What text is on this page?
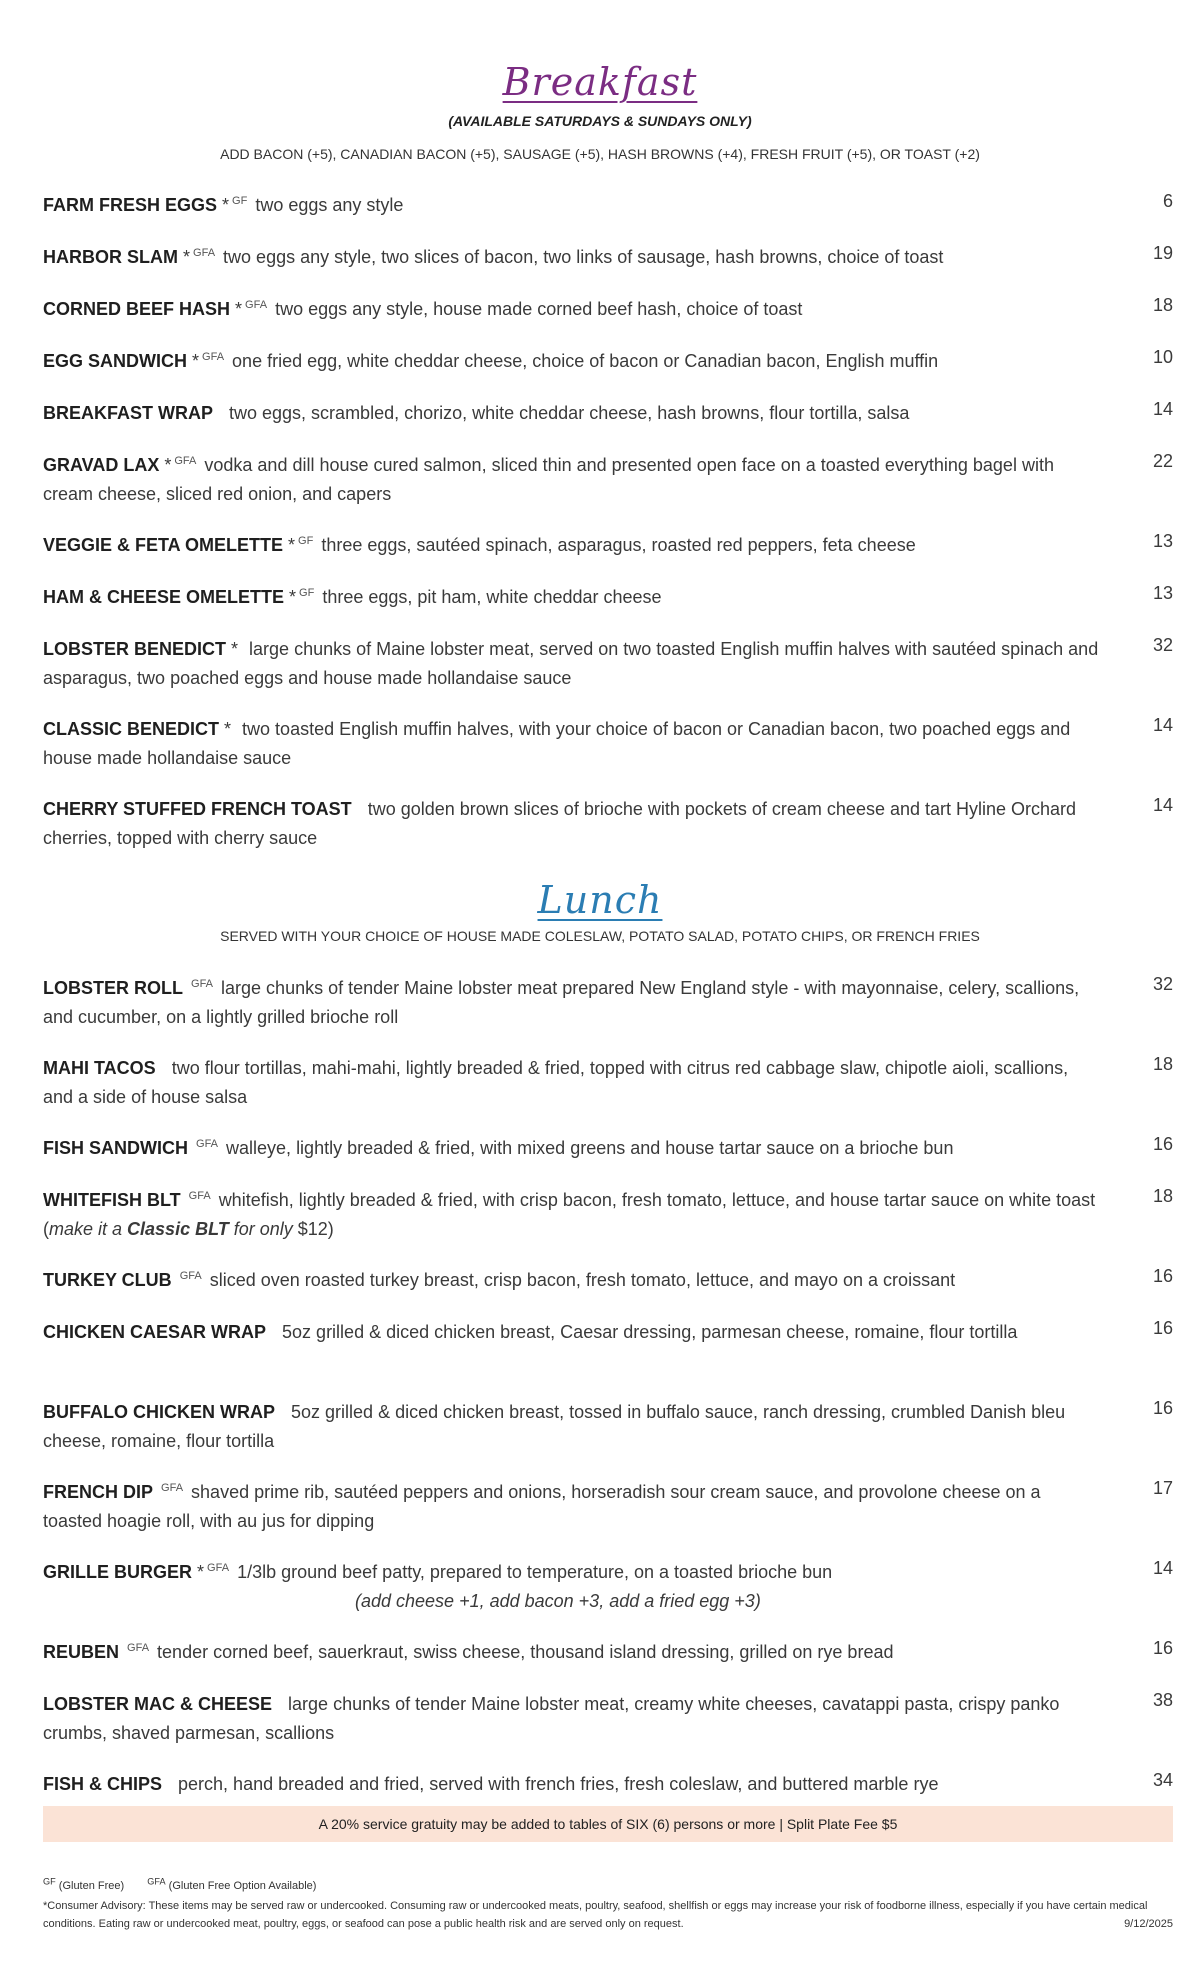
Breakfast
(AVAILABLE SATURDAYS & SUNDAYS ONLY)
ADD BACON (+5), CANADIAN BACON (+5), SAUSAGE (+5), HASH BROWNS (+4), FRESH FRUIT (+5), OR TOAST (+2)
FARM FRESH EGGS * $^{GF}$ two eggs any style	6
HARBOR SLAM * $^{GFA}$ two eggs any style, two slices of bacon, two links of sausage, hash browns, choice of toast	19
CORNED BEEF HASH * $^{GFA}$ two eggs any style, house made corned beef hash, choice of toast	18
EGG SANDWICH * $^{GFA}$ one fried egg, white cheddar cheese, choice of bacon or Canadian bacon, English muffin	10
BREAKFAST WRAP two eggs, scrambled, chorizo, white cheddar cheese, hash browns, flour tortilla, salsa	14
GRAVAD LAX * $^{GFA}$ vodka and dill house cured salmon, sliced thin and presented open face on a toasted everything bagel with cream cheese, sliced red onion, and capers
22
VEGGIE & FETA OMELETTE * $^{GF}$ three eggs, sautéed spinach, asparagus, roasted red peppers, feta cheese	13
HAM & CHEESE OMELETTE * $^{GF}$ three eggs, pit ham, white cheddar cheese	13
LOBSTER BENEDICT * large chunks of Maine lobster meat, served on two toasted English muffin halves with sautéed spinach and asparagus, two poached eggs and house made hollandaise sauce
32
CLASSIC BENEDICT * two toasted English muffin halves, with your choice of bacon or Canadian bacon, two poached eggs and house made hollandaise sauce
14
CHERRY STUFFED FRENCH TOAST two golden brown slices of brioche with pockets of cream cheese and tart Hyline Orchard cherries, topped with cherry sauce
14
Lunch
SERVED WITH YOUR CHOICE OF HOUSE MADE COLESLAW, POTATO SALAD, POTATO CHIPS, OR FRENCH FRIES
LOBSTER ROLL $^{GFA}$ large chunks of tender Maine lobster meat prepared New England style - with mayonnaise, celery, scallions, and cucumber, on a lightly grilled brioche roll
32
MAHI TACOS two flour tortillas, mahi-mahi, lightly breaded & fried, topped with citrus red cabbage slaw, chipotle aioli, scallions, and a side of house salsa
18
FISH SANDWICH $^{GFA}$ walleye, lightly breaded & fried, with mixed greens and house tartar sauce on a brioche bun	16
WHITEFISH BLT $^{GFA}$ whitefish, lightly breaded & fried, with crisp bacon, fresh tomato, lettuce, and house tartar sauce on white toast (make it a Classic BLT for only $12)
18
TURKEY CLUB $^{GFA}$ sliced oven roasted turkey breast, crisp bacon, fresh tomato, lettuce, and mayo on a croissant	16
CHICKEN CAESAR WRAP 5oz grilled & diced chicken breast, Caesar dressing, parmesan cheese, romaine, flour tortilla	16
BUFFALO CHICKEN WRAP 5oz grilled & diced chicken breast, tossed in buffalo sauce, ranch dressing, crumbled Danish bleu cheese, romaine, flour tortilla
16
FRENCH DIP $^{GFA}$ shaved prime rib, sautéed peppers and onions, horseradish sour cream sauce, and provolone cheese on a toasted hoagie roll, with au jus for dipping
17
GRILLE BURGER * $^{GFA}$ 1/3lb ground beef patty, prepared to temperature, on a toasted brioche bun
(add cheese +1, add bacon +3, add a fried egg +3)
14
REUBEN $^{GFA}$ tender corned beef, sauerkraut, swiss cheese, thousand island dressing, grilled on rye bread	16
LOBSTER MAC & CHEESE large chunks of tender Maine lobster meat, creamy white cheeses, cavatappi pasta, crispy panko crumbs, shaved parmesan, scallions
38
FISH & CHIPS perch, hand breaded and fried, served with french fries, fresh coleslaw, and buttered marble rye	34
A 20% service gratuity may be added to tables of SIX (6) persons or more | Split Plate Fee $5
$^{GF}$ (Gluten Free)	$^{GFA}$ (Gluten Free Option Available)
*Consumer Advisory: These items may be served raw or undercooked. Consuming raw or undercooked meats, poultry, seafood, shellfish or eggs may increase your risk of foodborne illness, especially if you have certain medical conditions. Eating raw or undercooked meat, poultry, eggs, or seafood can pose a public health risk and are served only on request.	9/12/2025
